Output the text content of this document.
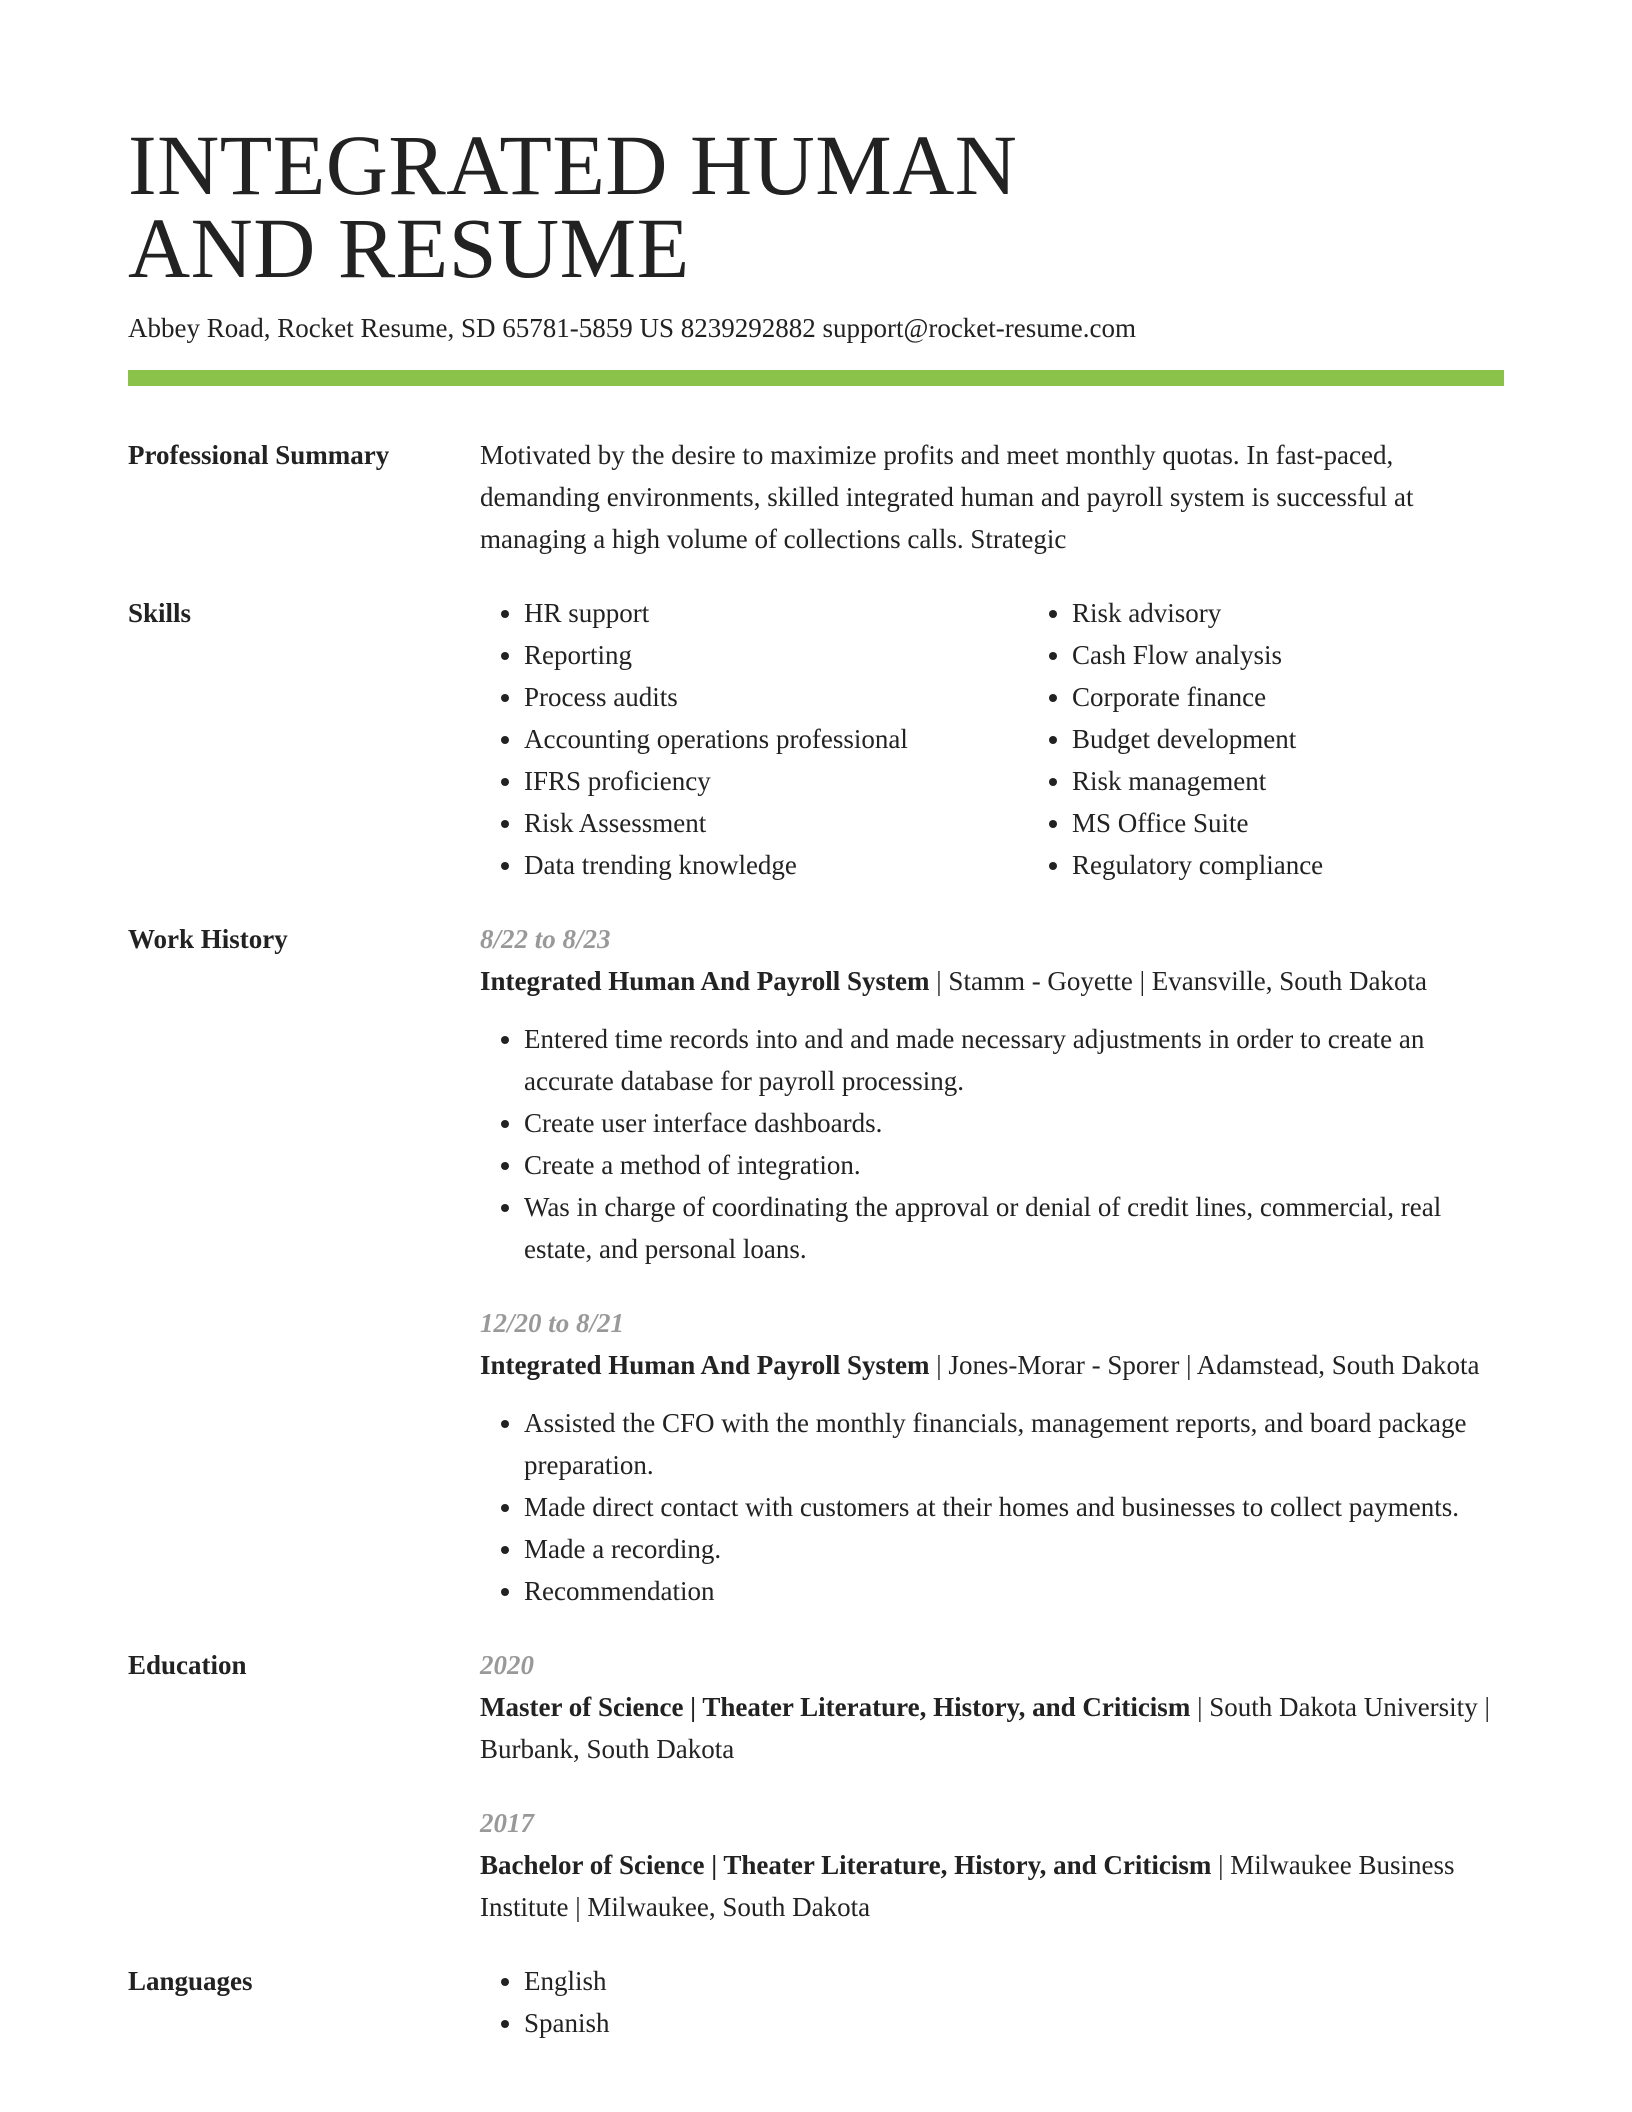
INTEGRATED HUMAN
AND RESUME
Abbey Road, Rocket Resume, SD 65781-5859 US 8239292882 support@rocket-resume.com
Professional Summary	Motivated by the desire to maximize profits and meet monthly quotas. In fast-paced, demanding environments, skilled integrated human and payroll system is successful at managing a high volume of collections calls. Strategic

Skills	• HR support
• Reporting
• Process audits
• Accounting operations professional
• IFRS proficiency
• Risk Assessment
• Data trending knowledge
• Risk advisory
• Cash Flow analysis
• Corporate finance
• Budget development
• Risk management
• MS Office Suite
• Regulatory compliance
Work History	8/22 to 8/23
Integrated Human And Payroll System | Stamm - Goyette | Evansville, South Dakota
• Entered time records into and and made necessary adjustments in order to create an accurate database for payroll processing.
• Create user interface dashboards.
• Create a method of integration.
• Was in charge of coordinating the approval or denial of credit lines, commercial, real estate, and personal loans.
12/20 to 8/21
Integrated Human And Payroll System | Jones-Morar - Sporer | Adamstead, South Dakota
• Assisted the CFO with the monthly financials, management reports, and board package preparation.
• Made direct contact with customers at their homes and businesses to collect payments.
• Made a recording.
• Recommendation
Education	2020
Master of Science | Theater Literature, History, and Criticism | South Dakota University | Burbank, South Dakota
2017
Bachelor of Science | Theater Literature, History, and Criticism | Milwaukee Business Institute | Milwaukee, South Dakota
Languages	• English
• Spanish
